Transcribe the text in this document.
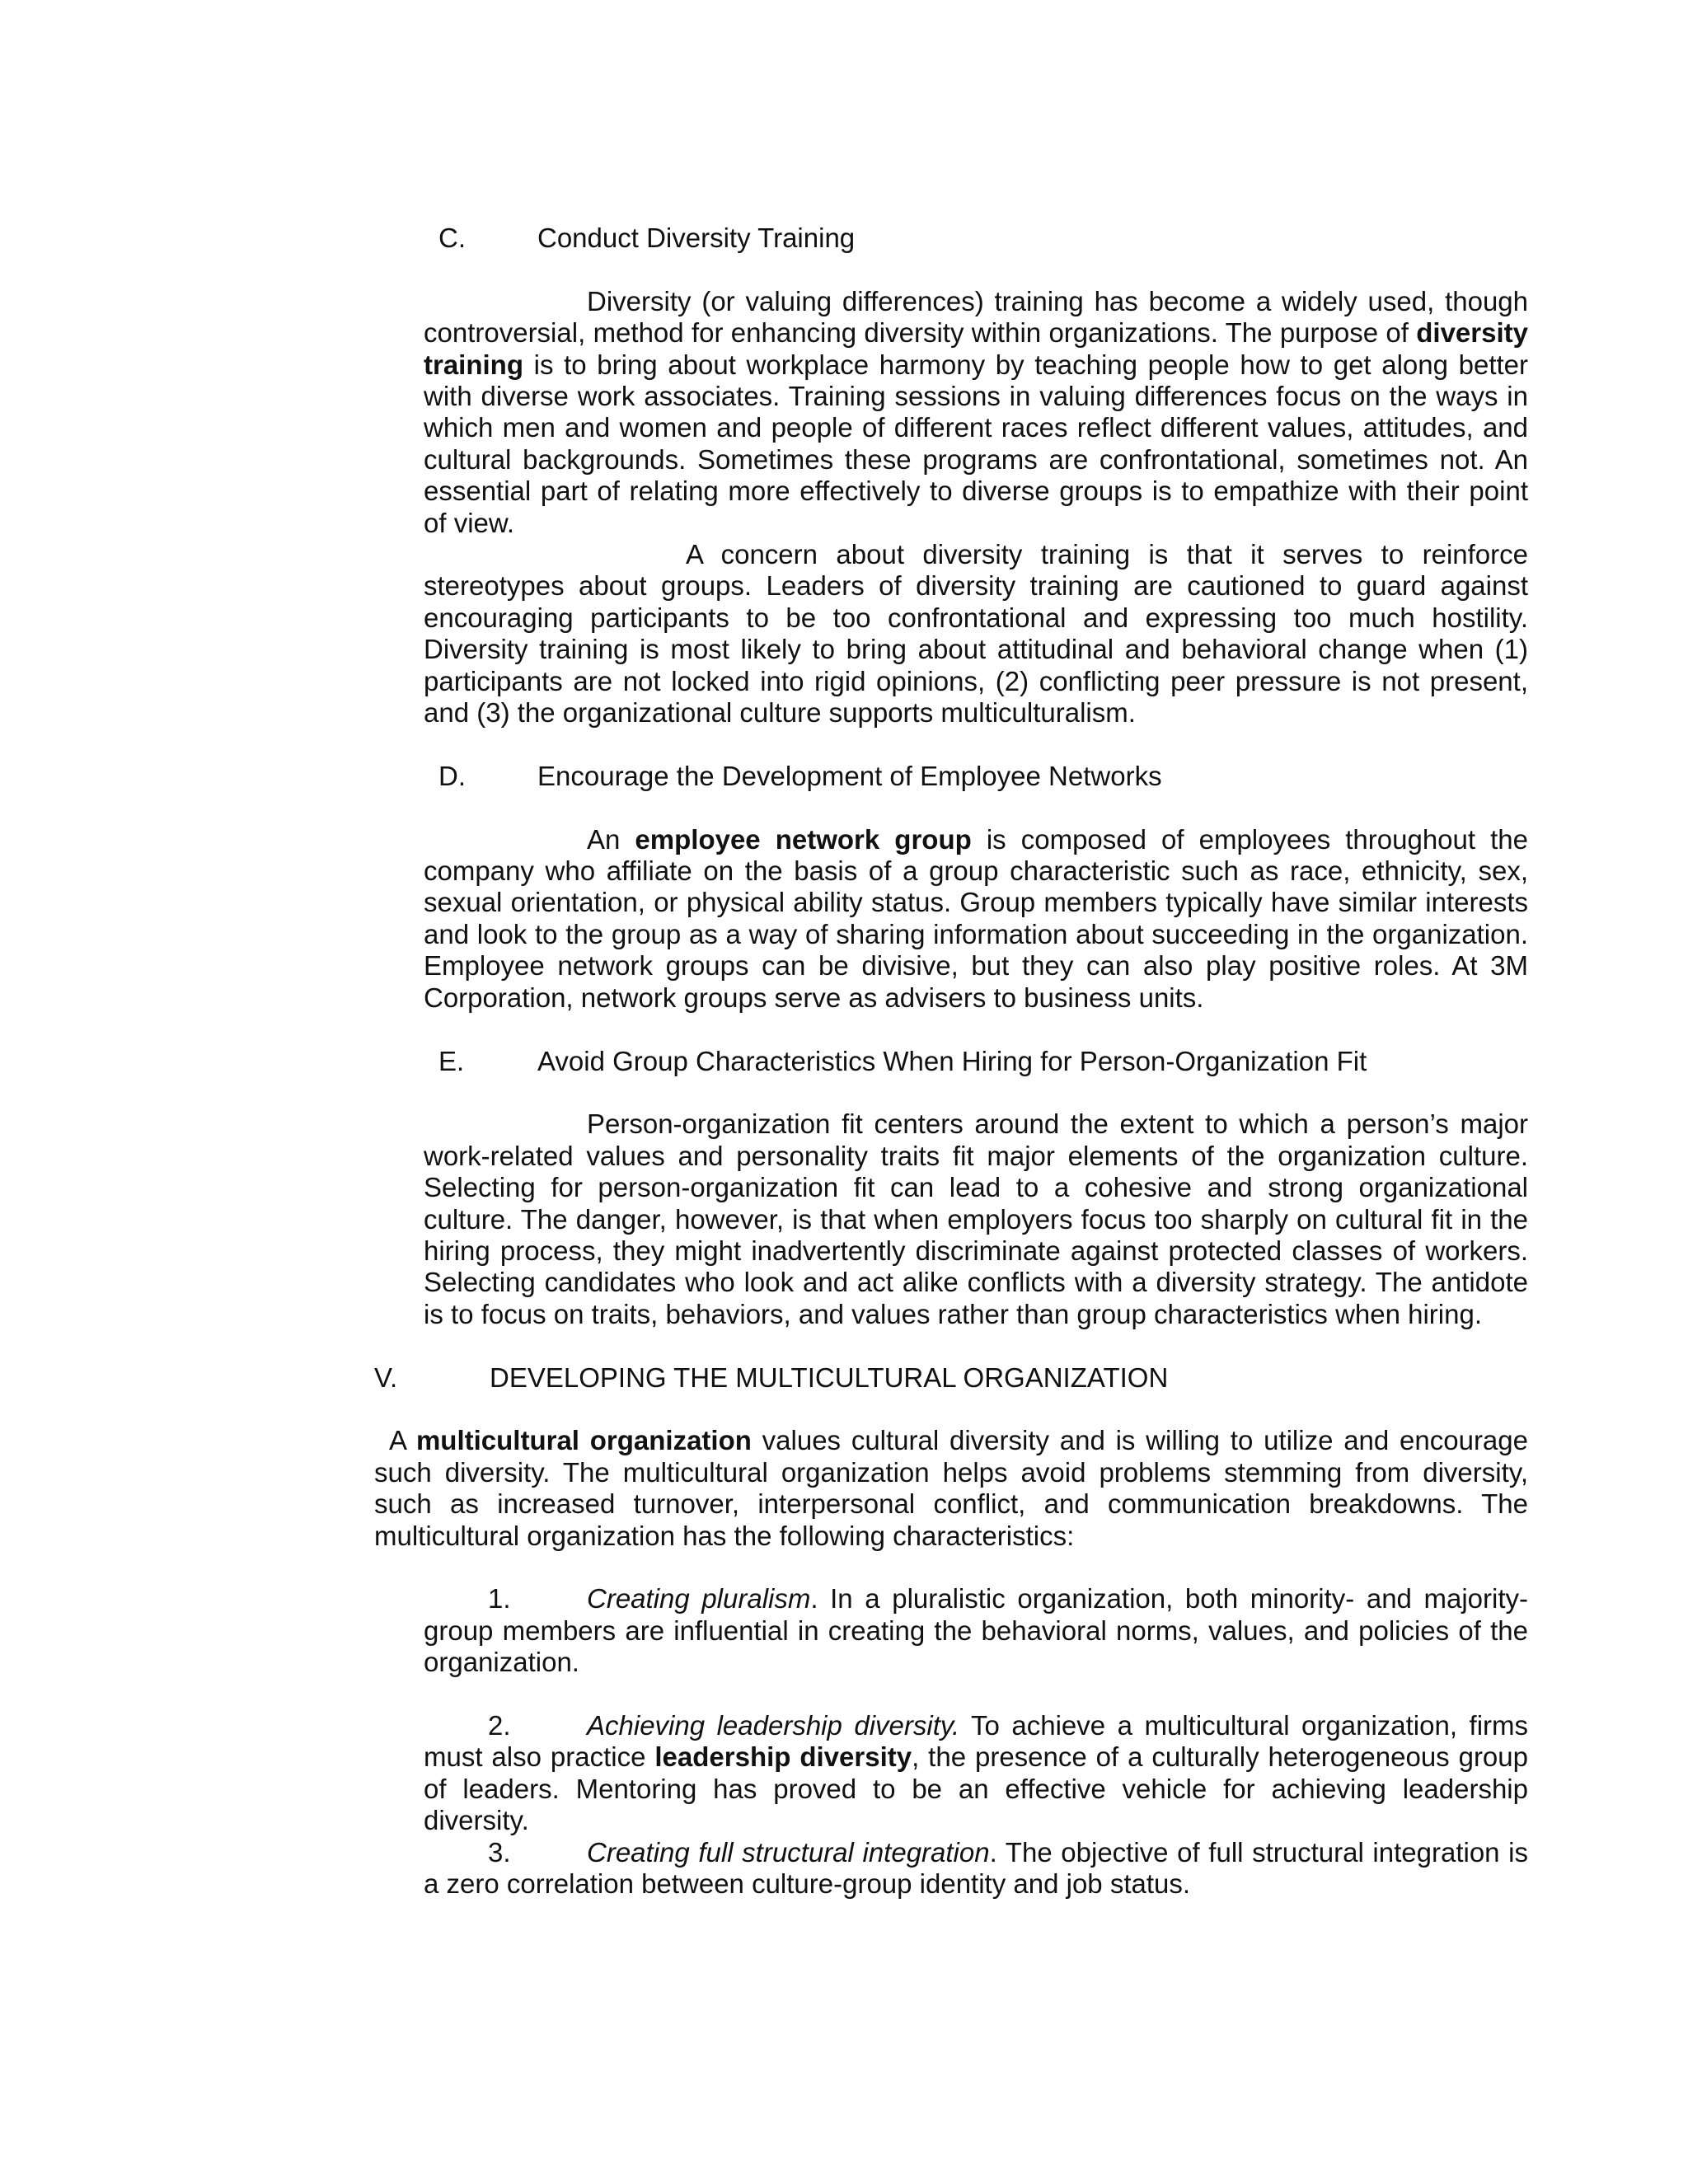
C.	Conduct Diversity Training

Diversity (or valuing differences) training has become a widely used, though controversial, method for enhancing diversity within organizations. The purpose of diversity training is to bring about workplace harmony by teaching people how to get along better with diverse work associates. Training sessions in valuing differences focus on the ways in which men and women and people of different races reflect different values, attitudes, and cultural backgrounds. Sometimes these programs are confrontational, sometimes not. An essential part of relating more effectively to diverse groups is to empathize with their point of view.

A concern about diversity training is that it serves to reinforce stereotypes about groups. Leaders of diversity training are cautioned to guard against encouraging participants to be too confrontational and expressing too much hostility. Diversity training is most likely to bring about attitudinal and behavioral change when (1) participants are not locked into rigid opinions, (2) conflicting peer pressure is not present, and (3) the organizational culture supports multiculturalism.

D.	Encourage the Development of Employee Networks

An employee network group is composed of employees throughout the company who affiliate on the basis of a group characteristic such as race, ethnicity, sex, sexual orientation, or physical ability status. Group members typically have similar interests and look to the group as a way of sharing information about succeeding in the organization. Employee network groups can be divisive, but they can also play positive roles. At 3M Corporation, network groups serve as advisers to business units.

E.	Avoid Group Characteristics When Hiring for Person-Organization Fit

Person-organization fit centers around the extent to which a person’s major work-related values and personality traits fit major elements of the organization culture. Selecting for person-organization fit can lead to a cohesive and strong organizational culture. The danger, however, is that when employers focus too sharply on cultural fit in the hiring process, they might inadvertently discriminate against protected classes of workers. Selecting candidates who look and act alike conflicts with a diversity strategy. The antidote is to focus on traits, behaviors, and values rather than group characteristics when hiring.

V.	DEVELOPING THE MULTICULTURAL ORGANIZATION

A multicultural organization values cultural diversity and is willing to utilize and encourage such diversity. The multicultural organization helps avoid problems stemming from diversity, such as increased turnover, interpersonal conflict, and communication breakdowns. The multicultural organization has the following characteristics:

1.	Creating pluralism. In a pluralistic organization, both minority- and majority-group members are influential in creating the behavioral norms, values, and policies of the organization.

2.	Achieving leadership diversity. To achieve a multicultural organization, firms must also practice leadership diversity, the presence of a culturally heterogeneous group of leaders. Mentoring has proved to be an effective vehicle for achieving leadership diversity.

3.	Creating full structural integration. The objective of full structural integration is a zero correlation between culture-group identity and job status.
